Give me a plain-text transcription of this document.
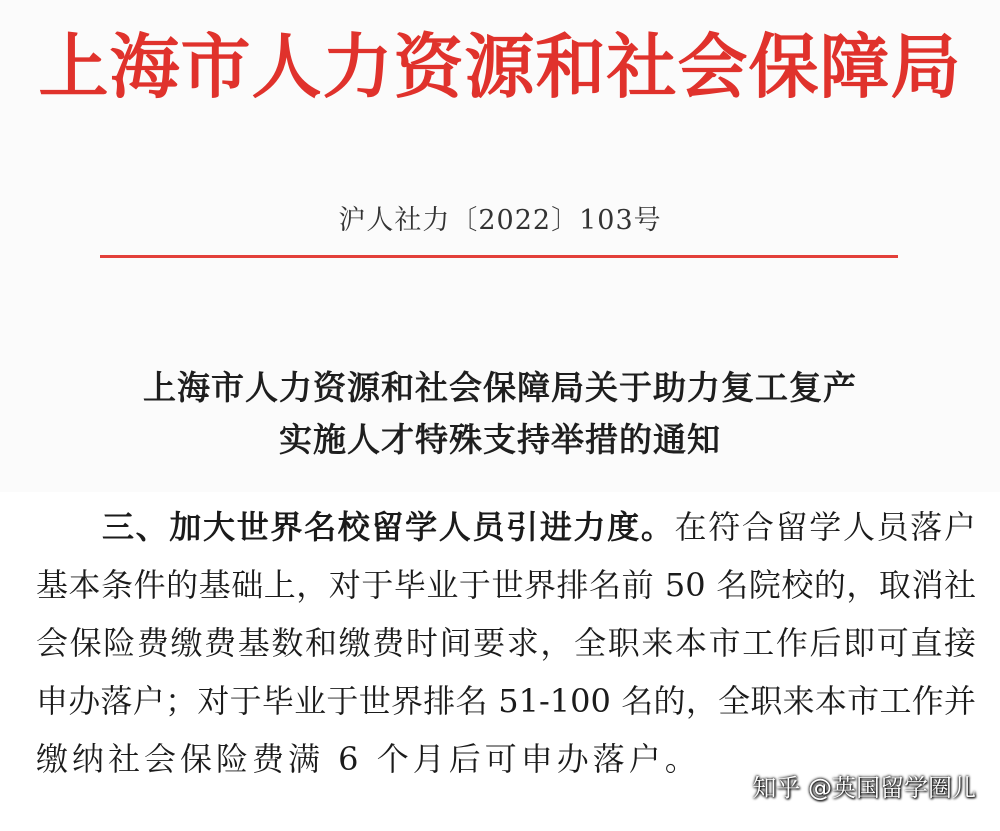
上海市人力资源和社会保障局
沪人社力〔2022〕103号
上海市人力资源和社会保障局关于助力复工复产
实施人才特殊支持举措的通知
三、加大世界名校留学人员引进力度。在符合留学人员落户
基本条件的基础上，对于毕业于世界排名前 50 名院校的，取消社
会保险费缴费基数和缴费时间要求，全职来本市工作后即可直接
申办落户；对于毕业于世界排名 51-100 名的，全职来本市工作并
缴纳社会保险费满 6 个月后可申办落户。
知乎 @英国留学圈儿
